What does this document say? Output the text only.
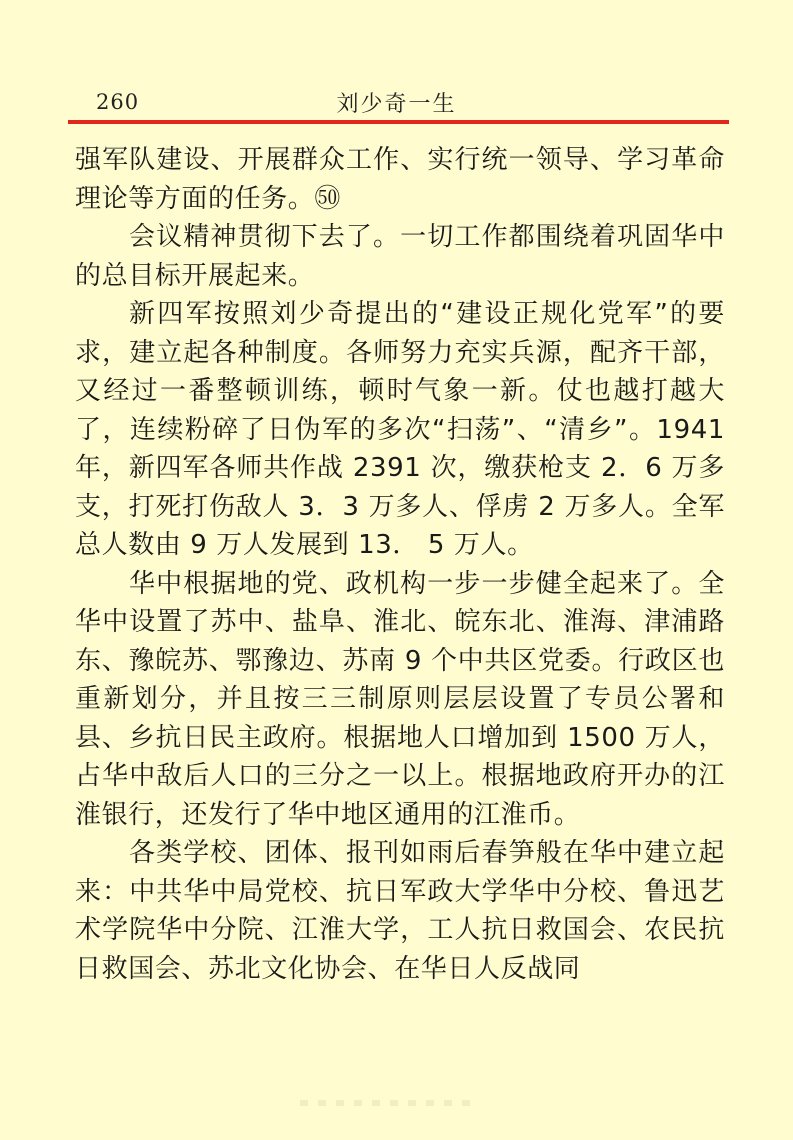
260	刘少奇一生

强军队建设、开展群众工作、实行统一领导、学习革命理论等方面的任务。㊿

会议精神贯彻下去了。一切工作都围绕着巩固华中的总目标开展起来。

新四军按照刘少奇提出的“建设正规化党军”的要求，建立起各种制度。各师努力充实兵源，配齐干部，又经过一番整顿训练，顿时气象一新。仗也越打越大了，连续粉碎了日伪军的多次“扫荡”、“清乡”。1941 年，新四军各师共作战 2391 次，缴获枪支 2．6 万多支，打死打伤敌人 3．3 万多人、俘虏 2 万多人。全军总人数由 9 万人发展到 13． 5 万人。

华中根据地的党、政机构一步一步健全起来了。全华中设置了苏中、盐阜、淮北、皖东北、淮海、津浦路东、豫皖苏、鄂豫边、苏南 9 个中共区党委。行政区也重新划分，并且按三三制原则层层设置了专员公署和县、乡抗日民主政府。根据地人口增加到 1500 万人，占华中敌后人口的三分之一以上。根据地政府开办的江淮银行，还发行了华中地区通用的江淮币。

各类学校、团体、报刊如雨后春笋般在华中建立起来：中共华中局党校、抗日军政大学华中分校、鲁迅艺术学院华中分院、江淮大学，工人抗日救国会、农民抗日救国会、苏北文化协会、在华日人反战同
